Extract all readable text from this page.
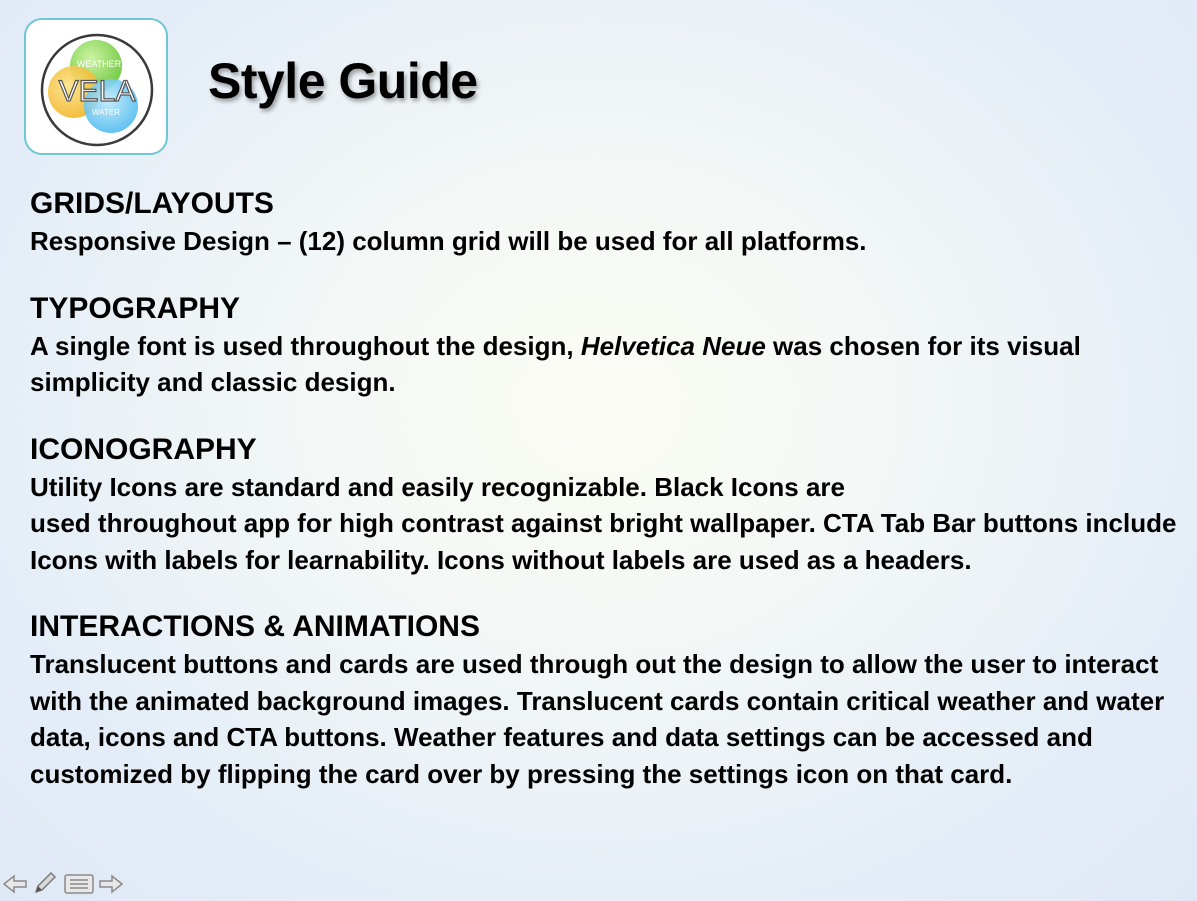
WEATHER
VELA
WATER
Style Guide

GRIDS/LAYOUTS

Responsive Design – (12) column grid will be used for all platforms.

TYPOGRAPHY

A single font is used throughout the design, Helvetica Neue was chosen for its visual simplicity and classic design.

ICONOGRAPHY

Utility Icons are standard and easily recognizable. Black Icons are
used throughout app for high contrast against bright wallpaper. CTA Tab Bar buttons include Icons with labels for learnability. Icons without labels are used as a headers.

INTERACTIONS & ANIMATIONS

Translucent buttons and cards are used through out the design to allow the user to interact with the animated background images. Translucent cards contain critical weather and water data, icons and CTA buttons. Weather features and data settings can be accessed and customized by flipping the card over by pressing the settings icon on that card.
